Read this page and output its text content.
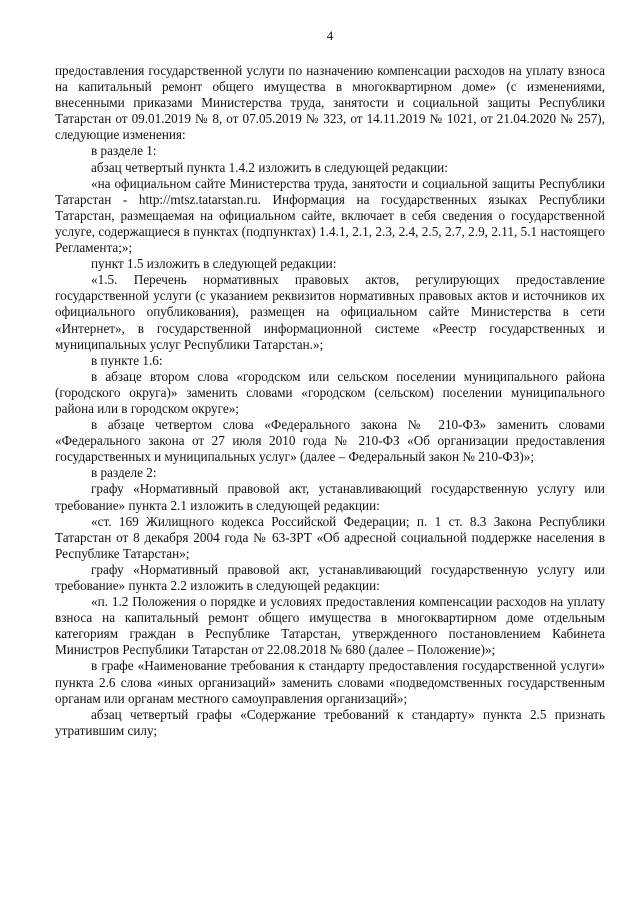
4

предоставления государственной услуги по назначению компенсации расходов на уплату взноса на капитальный ремонт общего имущества в многоквартирном доме» (с изменениями, внесенными приказами Министерства труда, занятости и социальной защиты Республики Татарстан от 09.01.2019 № 8, от 07.05.2019 № 323, от 14.11.2019 № 1021, от 21.04.2020 № 257), следующие изменения:

в разделе 1:

абзац четвертый пункта 1.4.2 изложить в следующей редакции:

«на официальном сайте Министерства труда, занятости и социальной защиты Республики Татарстан - http://mtsz.tatarstan.ru. Информация на государственных языках Республики Татарстан, размещаемая на официальном сайте, включает в себя сведения о государственной услуге, содержащиеся в пунктах (подпунктах) 1.4.1, 2.1, 2.3, 2.4, 2.5, 2.7, 2.9, 2.11, 5.1 настоящего Регламента;»;

пункт 1.5 изложить в следующей редакции:

«1.5. Перечень нормативных правовых актов, регулирующих предоставление государственной услуги (с указанием реквизитов нормативных правовых актов и источников их официального опубликования), размещен на официальном сайте Министерства в сети «Интернет», в государственной информационной системе «Реестр государственных и муниципальных услуг Республики Татарстан.»;

в пункте 1.6:

в абзаце втором слова «городском или сельском поселении муниципального района (городского округа)» заменить словами «городском (сельском) поселении муниципального района или в городском округе»;

в абзаце четвертом слова «Федерального закона № 210-ФЗ» заменить словами «Федерального закона от 27 июля 2010 года № 210-ФЗ «Об организации предоставления государственных и муниципальных услуг» (далее – Федеральный закон № 210-ФЗ)»;

в разделе 2:

графу «Нормативный правовой акт, устанавливающий государственную услугу или требование» пункта 2.1 изложить в следующей редакции:

«ст. 169 Жилищного кодекса Российской Федерации; п. 1 ст. 8.3 Закона Республики Татарстан от 8 декабря 2004 года № 63-ЗРТ «Об адресной социальной поддержке населения в Республике Татарстан»;

графу «Нормативный правовой акт, устанавливающий государственную услугу или требование» пункта 2.2 изложить в следующей редакции:

«п. 1.2 Положения о порядке и условиях предоставления компенсации расходов на уплату взноса на капитальный ремонт общего имущества в многоквартирном доме отдельным категориям граждан в Республике Татарстан, утвержденного постановлением Кабинета Министров Республики Татарстан от 22.08.2018 № 680 (далее – Положение)»;

в графе «Наименование требования к стандарту предоставления государственной услуги» пункта 2.6 слова «иных организаций» заменить словами «подведомственных государственным органам или органам местного самоуправления организаций»;

абзац четвертый графы «Содержание требований к стандарту» пункта 2.5 признать утратившим силу;
